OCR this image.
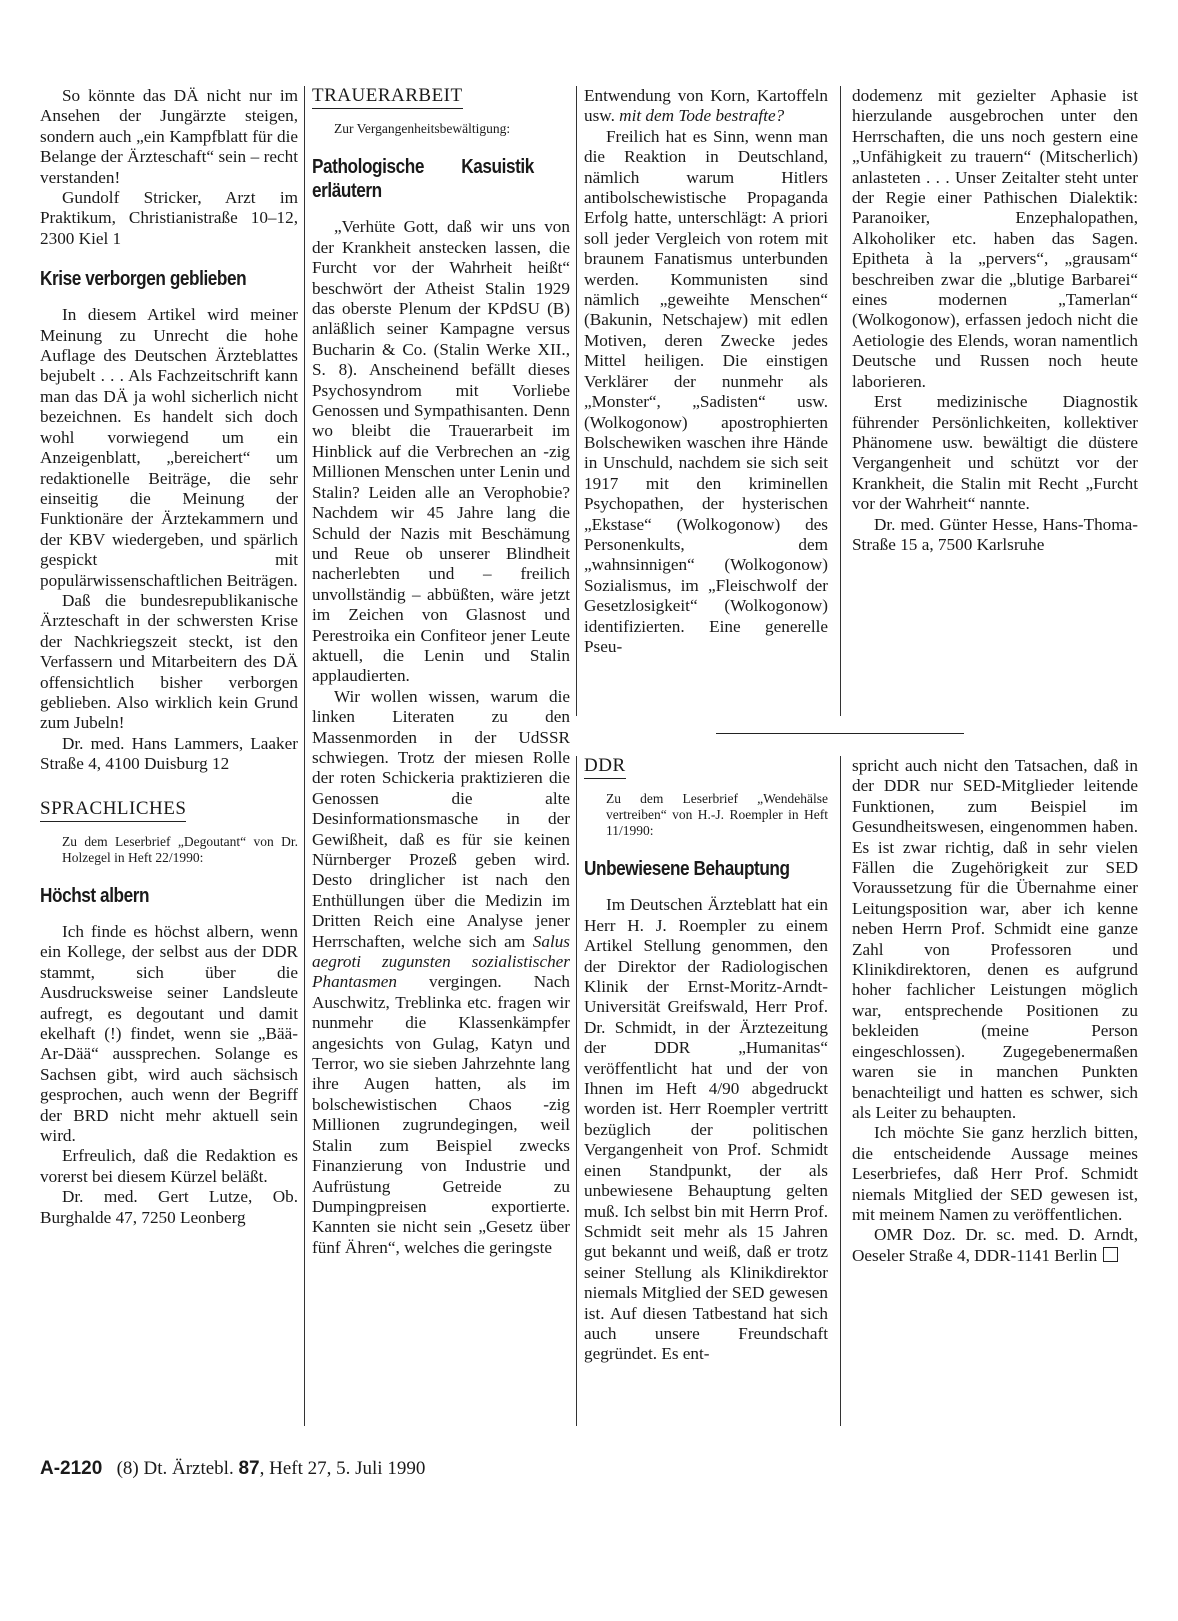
So könnte das DÄ nicht nur im Ansehen der Jungärzte steigen, sondern auch „ein Kampfblatt für die Belange der Ärzteschaft“ sein – recht verstanden!

Gundolf Stricker, Arzt im Praktikum, Christianistraße 10–12, 2300 Kiel 1

Krise verborgen geblieben

In diesem Artikel wird meiner Meinung zu Unrecht die hohe Auflage des Deutschen Ärzteblattes bejubelt . . . Als Fachzeitschrift kann man das DÄ ja wohl sicherlich nicht bezeichnen. Es handelt sich doch wohl vorwiegend um ein Anzeigenblatt, „bereichert“ um redaktionelle Beiträge, die sehr einseitig die Meinung der Funktionäre der Ärztekammern und der KBV wiedergeben, und spärlich gespickt mit populärwissenschaftlichen Beiträgen.

Daß die bundesrepublikanische Ärzteschaft in der schwersten Krise der Nachkriegszeit steckt, ist den Verfassern und Mitarbeitern des DÄ offensichtlich bisher verborgen geblieben. Also wirklich kein Grund zum Jubeln!

Dr. med. Hans Lammers, Laaker Straße 4, 4100 Duisburg 12

SPRACHLICHES
Zu dem Leserbrief „Degoutant“ von Dr. Holzegel in Heft 22/1990:
Höchst albern

Ich finde es höchst albern, wenn ein Kollege, der selbst aus der DDR stammt, sich über die Ausdrucksweise seiner Landsleute aufregt, es degoutant und damit ekelhaft (!) findet, wenn sie „Bää-Ar-Dää“ aussprechen. Solange es Sachsen gibt, wird auch sächsisch gesprochen, auch wenn der Begriff der BRD nicht mehr aktuell sein wird.

Erfreulich, daß die Redaktion es vorerst bei diesem Kürzel beläßt.

Dr. med. Gert Lutze, Ob. Burghalde 47, 7250 Leonberg

TRAUERARBEIT
Zur Vergangenheitsbewältigung:
Pathologische Kasuistik erläutern

„Verhüte Gott, daß wir uns von der Krankheit anstecken lassen, die Furcht vor der Wahrheit heißt“ beschwört der Atheist Stalin 1929 das oberste Plenum der KPdSU (B) anläßlich seiner Kampagne versus Bucharin & Co. (Stalin Werke XII., S. 8). Anscheinend befällt dieses Psychosyndrom mit Vorliebe Genossen und Sympathisanten. Denn wo bleibt die Trauerarbeit im Hinblick auf die Verbrechen an -zig Millionen Menschen unter Lenin und Stalin? Leiden alle an Verophobie? Nachdem wir 45 Jahre lang die Schuld der Nazis mit Beschämung und Reue ob unserer Blindheit nacherlebten und – freilich unvollständig – abbüßten, wäre jetzt im Zeichen von Glasnost und Perestroika ein Confiteor jener Leute aktuell, die Lenin und Stalin applaudierten.

Wir wollen wissen, warum die linken Literaten zu den Massenmorden in der UdSSR schwiegen. Trotz der miesen Rolle der roten Schickeria praktizieren die Genossen die alte Desinformationsmasche in der Gewißheit, daß es für sie keinen Nürnberger Prozeß geben wird. Desto dringlicher ist nach den Enthüllungen über die Medizin im Dritten Reich eine Analyse jener Herrschaften, welche sich am Salus aegroti zugunsten sozialistischer Phantasmen vergingen. Nach Auschwitz, Treblinka etc. fragen wir nunmehr die Klassenkämpfer angesichts von Gulag, Katyn und Terror, wo sie sieben Jahrzehnte lang ihre Augen hatten, als im bolschewistischen Chaos -zig Millionen zugrundegingen, weil Stalin zum Beispiel zwecks Finanzierung von Industrie und Aufrüstung Getreide zu Dumpingpreisen exportierte. Kannten sie nicht sein „Gesetz über fünf Ähren“, welches die geringste

Entwendung von Korn, Kartoffeln usw. mit dem Tode bestrafte?

Freilich hat es Sinn, wenn man die Reaktion in Deutschland, nämlich warum Hitlers antibolschewistische Propaganda Erfolg hatte, unterschlägt: A priori soll jeder Vergleich von rotem mit braunem Fanatismus unterbunden werden. Kommunisten sind nämlich „geweihte Menschen“ (Bakunin, Netschajew) mit edlen Motiven, deren Zwecke jedes Mittel heiligen. Die einstigen Verklärer der nunmehr als „Monster“, „Sadisten“ usw. (Wolkogonow) apostrophierten Bolschewiken waschen ihre Hände in Unschuld, nachdem sie sich seit 1917 mit den kriminellen Psychopathen, der hysterischen „Ekstase“ (Wolkogonow) des Personenkults, dem „wahnsinnigen“ (Wolkogonow) Sozialismus, im „Fleischwolf der Gesetzlosigkeit“ (Wolkogonow) identifizierten. Eine generelle Pseu-

dodemenz mit gezielter Aphasie ist hierzulande ausgebrochen unter den Herrschaften, die uns noch gestern eine „Unfähigkeit zu trauern“ (Mitscherlich) anlasteten . . . Unser Zeitalter steht unter der Regie einer Pathischen Dialektik: Paranoiker, Enzephalopathen, Alkoholiker etc. haben das Sagen. Epitheta à la „pervers“, „grausam“ beschreiben zwar die „blutige Barbarei“ eines modernen „Tamerlan“ (Wolkogonow), erfassen jedoch nicht die Aetiologie des Elends, woran namentlich Deutsche und Russen noch heute laborieren.

Erst medizinische Diagnostik führender Persönlichkeiten, kollektiver Phänomene usw. bewältigt die düstere Vergangenheit und schützt vor der Krankheit, die Stalin mit Recht „Furcht vor der Wahrheit“ nannte.

Dr. med. Günter Hesse, Hans-Thoma-Straße 15 a, 7500 Karlsruhe

DDR
Zu dem Leserbrief „Wendehälse vertreiben“ von H.-J. Roempler in Heft 11/1990:
Unbewiesene Behauptung

Im Deutschen Ärzteblatt hat ein Herr H. J. Roempler zu einem Artikel Stellung genommen, den der Direktor der Radiologischen Klinik der Ernst-Moritz-Arndt-Universität Greifswald, Herr Prof. Dr. Schmidt, in der Ärztezeitung der DDR „Humanitas“ veröffentlicht hat und der von Ihnen im Heft 4/90 abgedruckt worden ist. Herr Roempler vertritt bezüglich der politischen Vergangenheit von Prof. Schmidt einen Standpunkt, der als unbewiesene Behauptung gelten muß. Ich selbst bin mit Herrn Prof. Schmidt seit mehr als 15 Jahren gut bekannt und weiß, daß er trotz seiner Stellung als Klinikdirektor niemals Mitglied der SED gewesen ist. Auf diesen Tatbestand hat sich auch unsere Freundschaft gegründet. Es ent-

spricht auch nicht den Tatsachen, daß in der DDR nur SED-Mitglieder leitende Funktionen, zum Beispiel im Gesundheitswesen, eingenommen haben. Es ist zwar richtig, daß in sehr vielen Fällen die Zugehörigkeit zur SED Voraussetzung für die Übernahme einer Leitungsposition war, aber ich kenne neben Herrn Prof. Schmidt eine ganze Zahl von Professoren und Klinikdirektoren, denen es aufgrund hoher fachlicher Leistungen möglich war, entsprechende Positionen zu bekleiden (meine Person eingeschlossen). Zugegebenermaßen waren sie in manchen Punkten benachteiligt und hatten es schwer, sich als Leiter zu behaupten.

Ich möchte Sie ganz herzlich bitten, die entscheidende Aussage meines Leserbriefes, daß Herr Prof. Schmidt niemals Mitglied der SED gewesen ist, mit meinem Namen zu veröffentlichen.

OMR Doz. Dr. sc. med. D. Arndt, Oeseler Straße 4, DDR-1141 Berlin

A-2120 (8) Dt. Ärztebl. 87, Heft 27, 5. Juli 1990
